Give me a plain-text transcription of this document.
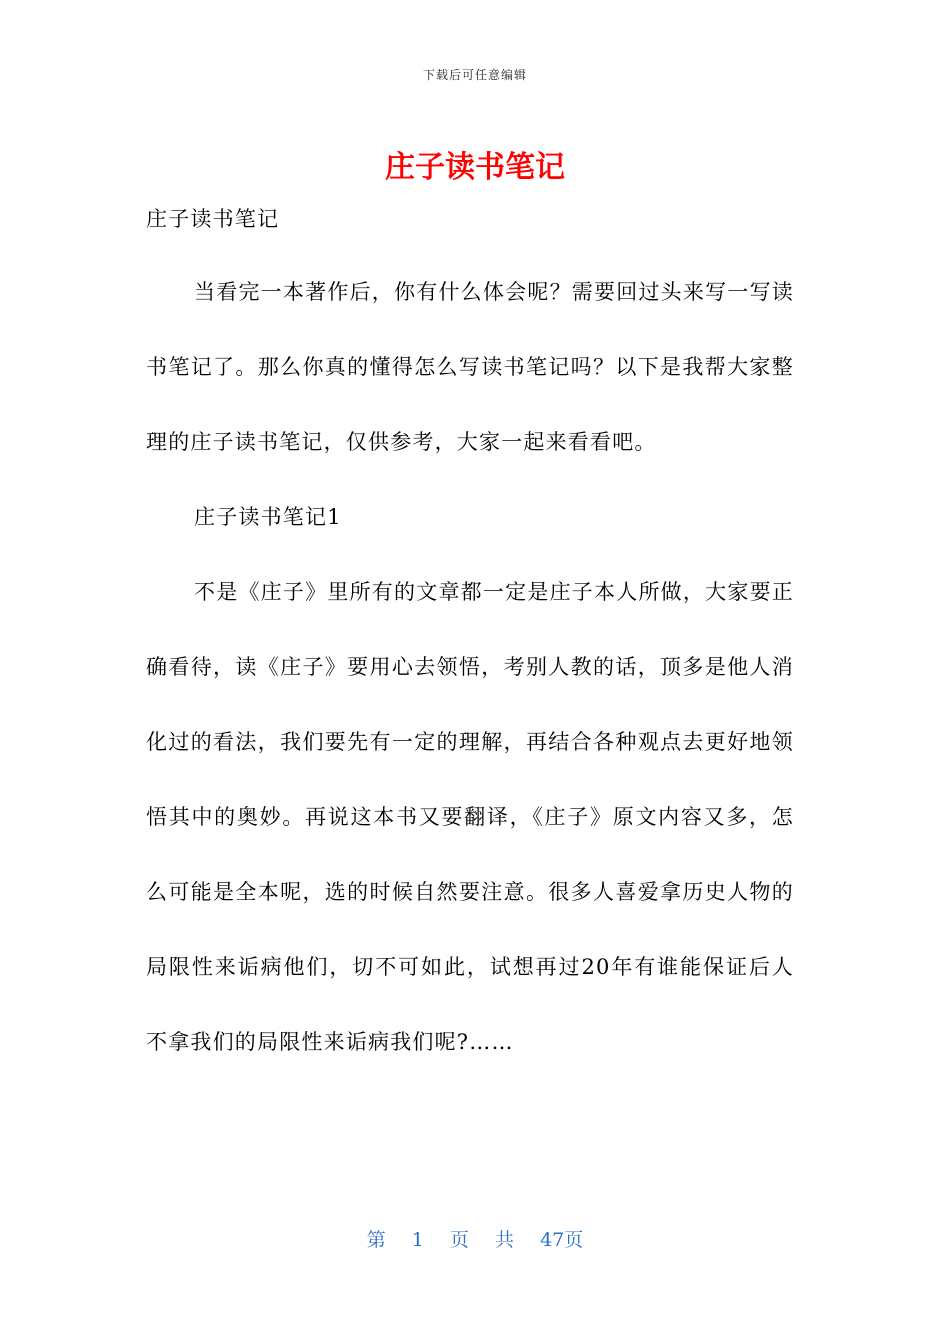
下载后可任意编辑
庄子读书笔记

庄子读书笔记

当看完一本著作后，你有什么体会呢？需要回过头来写一写读书笔记了。那么你真的懂得怎么写读书笔记吗？以下是我帮大家整理的庄子读书笔记，仅供参考，大家一起来看看吧。

庄子读书笔记1

不是《庄子》里所有的文章都一定是庄子本人所做，大家要正确看待，读《庄子》要用心去领悟，考别人教的话，顶多是他人消化过的看法，我们要先有一定的理解，再结合各种观点去更好地领悟其中的奥妙。再说这本书又要翻译，《庄子》原文内容又多，怎么可能是全本呢，选的时候自然要注意。很多人喜爱拿历史人物的局限性来诟病他们，切不可如此，试想再过20年有谁能保证后人不拿我们的局限性来诟病我们呢?……

第 1 页 共 47页
